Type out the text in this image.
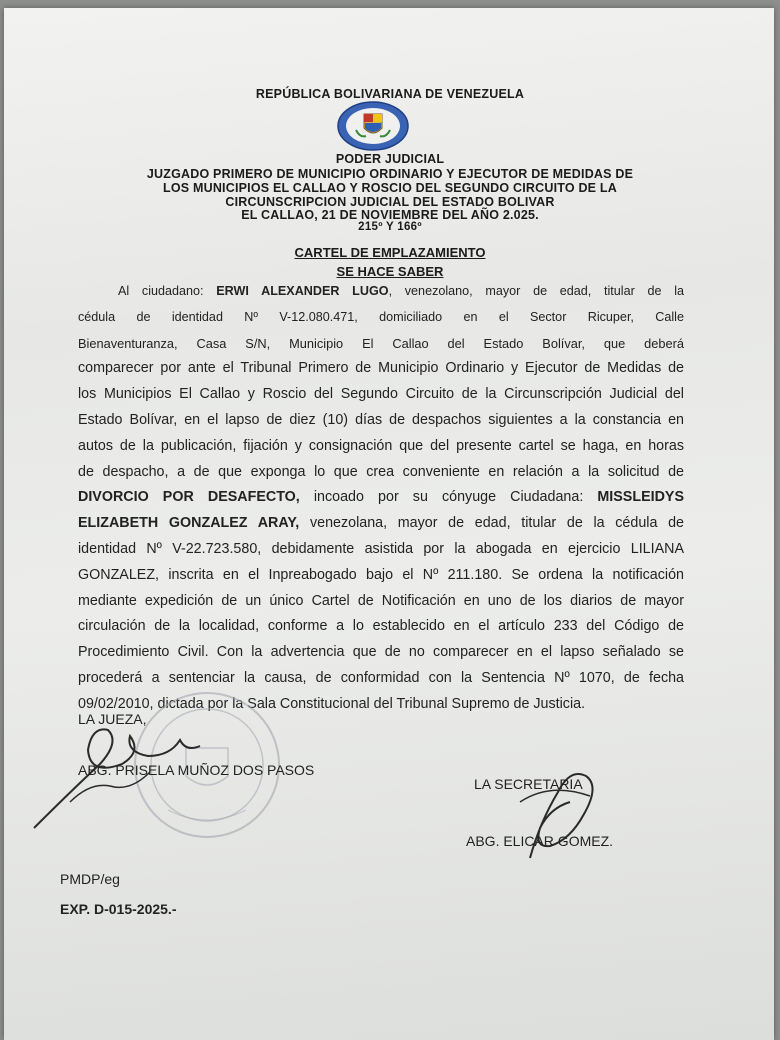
REPÚBLICA BOLIVARIANA DE VENEZUELA

PODER JUDICIAL

JUZGADO PRIMERO DE MUNICIPIO ORDINARIO Y EJECUTOR DE MEDIDAS DE

LOS MUNICIPIOS EL CALLAO Y ROSCIO DEL SEGUNDO CIRCUITO DE LA

CIRCUNSCRIPCION JUDICIAL DEL ESTADO BOLIVAR

EL CALLAO, 21 DE NOVIEMBRE DEL AÑO 2.025.

215º Y 166º

CARTEL DE EMPLAZAMIENTO

SE HACE SABER

Al ciudadano: ERWI ALEXANDER LUGO, venezolano, mayor de edad, titular de la
cédula de identidad Nº V-12.080.471, domiciliado en el Sector Ricuper, Calle
Bienaventuranza, Casa S/N, Municipio El Callao del Estado Bolívar, que deberá
comparecer por ante el Tribunal Primero de Municipio Ordinario y Ejecutor de Medidas de
los Municipios El Callao y Roscio del Segundo Circuito de la Circunscripción Judicial del
Estado Bolívar, en el lapso de diez (10) días de despachos siguientes a la constancia en
autos de la publicación, fijación y consignación que del presente cartel se haga, en horas
de despacho, a de que exponga lo que crea conveniente en relación a la solicitud de
DIVORCIO POR DESAFECTO, incoado por su cónyuge Ciudadana: MISSLEIDYS
ELIZABETH GONZALEZ ARAY, venezolana, mayor de edad, titular de la cédula de
identidad Nº V-22.723.580, debidamente asistida por la abogada en ejercicio LILIANA
GONZALEZ, inscrita en el Inpreabogado bajo el Nº 211.180. Se ordena la notificación
mediante expedición de un único Cartel de Notificación en uno de los diarios de mayor
circulación de la localidad, conforme a lo establecido en el artículo 233 del Código de
Procedimiento Civil. Con la advertencia que de no comparecer en el lapso señalado se
procederá a sentenciar la causa, de conformidad con la Sentencia Nº 1070, de fecha
09/02/2010, dictada por la Sala Constitucional del Tribunal Supremo de Justicia.

LA JUEZA,

ABG. PRISELA MUÑOZ DOS PASOS

LA SECRETARIA

ABG. ELICAR GOMEZ.

PMDP/eg

EXP. D-015-2025.-
